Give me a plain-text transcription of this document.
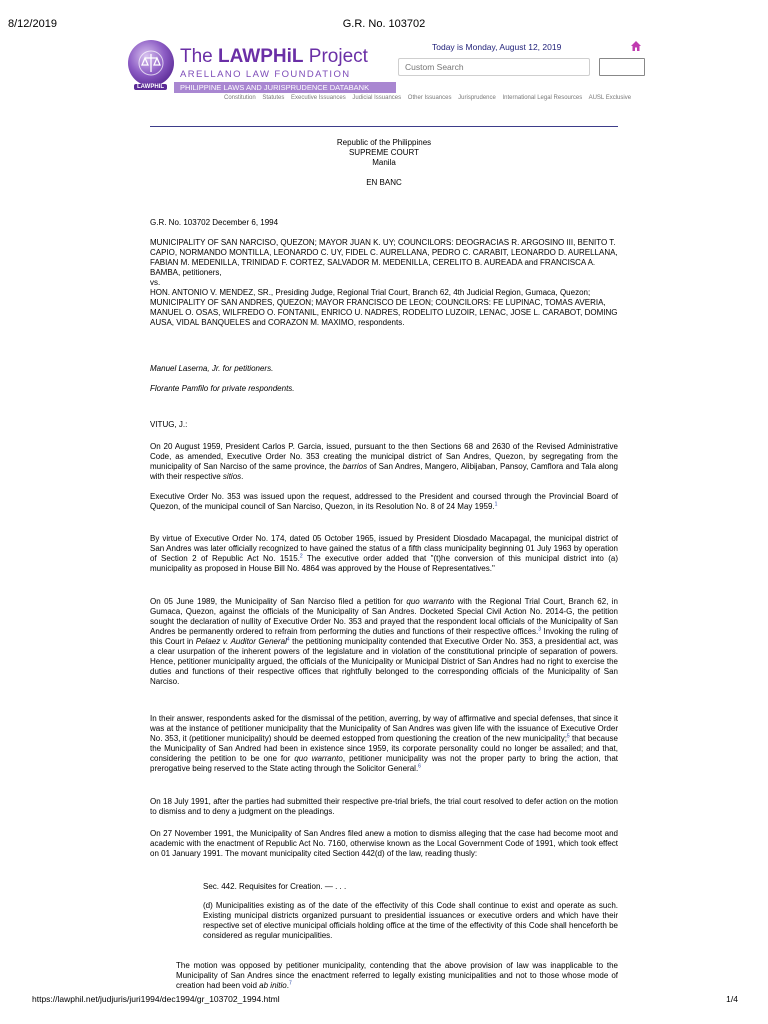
8/12/2019	G.R. No. 103702
LAWPHIL
The LAWPHiL Project
ARELLANO LAW FOUNDATION
PHILIPPINE LAWS AND JURISPRUDENCE DATABANK
Today is Monday, August 12, 2019
Custom Search
Constitution Statutes Executive Issuances Judicial Issuances Other Issuances Jurisprudence International Legal Resources AUSL Exclusive
Republic of the Philippines
SUPREME COURT
Manila
EN BANC
G.R. No. 103702 December 6, 1994

MUNICIPALITY OF SAN NARCISO, QUEZON; MAYOR JUAN K. UY; COUNCILORS: DEOGRACIAS R. ARGOSINO III, BENITO T. CAPIO, NORMANDO MONTILLA, LEONARDO C. UY, FIDEL C. AURELLANA, PEDRO C. CARABIT, LEONARDO D. AURELLANA, FABIAN M. MEDENILLA, TRINIDAD F. CORTEZ, SALVADOR M. MEDENILLA, CERELITO B. AUREADA and FRANCISCA A. BAMBA, petitioners,

vs.

HON. ANTONIO V. MENDEZ, SR., Presiding Judge, Regional Trial Court, Branch 62, 4th Judicial Region, Gumaca, Quezon; MUNICIPALITY OF SAN ANDRES, QUEZON; MAYOR FRANCISCO DE LEON; COUNCILORS: FE LUPINAC, TOMAS AVERIA, MANUEL O. OSAS, WILFREDO O. FONTANIL, ENRICO U. NADRES, RODELITO LUZOIR, LENAC, JOSE L. CARABOT, DOMING AUSA, VIDAL BANQUELES and CORAZON M. MAXIMO, respondents.

Manuel Laserna, Jr. for petitioners.
Florante Pamfilo for private respondents.
VITUG, J.:

On 20 August 1959, President Carlos P. Garcia, issued, pursuant to the then Sections 68 and 2630 of the Revised Administrative Code, as amended, Executive Order No. 353 creating the municipal district of San Andres, Quezon, by segregating from the municipality of San Narciso of the same province, the barrios of San Andres, Mangero, Alibijaban, Pansoy, Camflora and Tala along with their respective sitios.

Executive Order No. 353 was issued upon the request, addressed to the President and coursed through the Provincial Board of Quezon, of the municipal council of San Narciso, Quezon, in its Resolution No. 8 of 24 May 1959.$^1$

By virtue of Executive Order No. 174, dated 05 October 1965, issued by President Diosdado Macapagal, the municipal district of San Andres was later officially recognized to have gained the status of a fifth class municipality beginning 01 July 1963 by operation of Section 2 of Republic Act No. 1515.$^2$ The executive order added that "(t)he conversion of this municipal district into (a) municipality as proposed in House Bill No. 4864 was approved by the House of Representatives."

On 05 June 1989, the Municipality of San Narciso filed a petition for quo warranto with the Regional Trial Court, Branch 62, in Gumaca, Quezon, against the officials of the Municipality of San Andres. Docketed Special Civil Action No. 2014-G, the petition sought the declaration of nullity of Executive Order No. 353 and prayed that the respondent local officials of the Municipality of San Andres be permanently ordered to refrain from performing the duties and functions of their respective offices.$^3$ Invoking the ruling of this Court in Pelaez v. Auditor General$^4$ the petitioning municipality contended that Executive Order No. 353, a presidential act, was a clear usurpation of the inherent powers of the legislature and in violation of the constitutional principle of separation of powers. Hence, petitioner municipality argued, the officials of the Municipality or Municipal District of San Andres had no right to exercise the duties and functions of their respective offices that rightfully belonged to the corresponding officials of the Municipality of San Narciso.

In their answer, respondents asked for the dismissal of the petition, averring, by way of affirmative and special defenses, that since it was at the instance of petitioner municipality that the Municipality of San Andres was given life with the issuance of Executive Order No. 353, it (petitioner municipality) should be deemed estopped from questioning the creation of the new municipality;$^5$ that because the Municipality of San Andred had been in existence since 1959, its corporate personality could no longer be assailed; and that, considering the petition to be one for quo warranto, petitioner municipality was not the proper party to bring the action, that prerogative being reserved to the State acting through the Solicitor General.$^6$

On 18 July 1991, after the parties had submitted their respective pre-trial briefs, the trial court resolved to defer action on the motion to dismiss and to deny a judgment on the pleadings.

On 27 November 1991, the Municipality of San Andres filed anew a motion to dismiss alleging that the case had become moot and academic with the enactment of Republic Act No. 7160, otherwise known as the Local Government Code of 1991, which took effect on 01 January 1991. The movant municipality cited Section 442(d) of the law, reading thusly:

Sec. 442. Requisites for Creation. — . . .

(d) Municipalities existing as of the date of the effectivity of this Code shall continue to exist and operate as such. Existing municipal districts organized pursuant to presidential issuances or executive orders and which have their respective set of elective municipal officials holding office at the time of the effectivity of this Code shall henceforth be considered as regular municipalities.

The motion was opposed by petitioner municipality, contending that the above provision of law was inapplicable to the Municipality of San Andres since the enactment referred to legally existing municipalities and not to those whose mode of creation had been void ab initio.$^7$

https://lawphil.net/judjuris/juri1994/dec1994/gr_103702_1994.html	1/4
